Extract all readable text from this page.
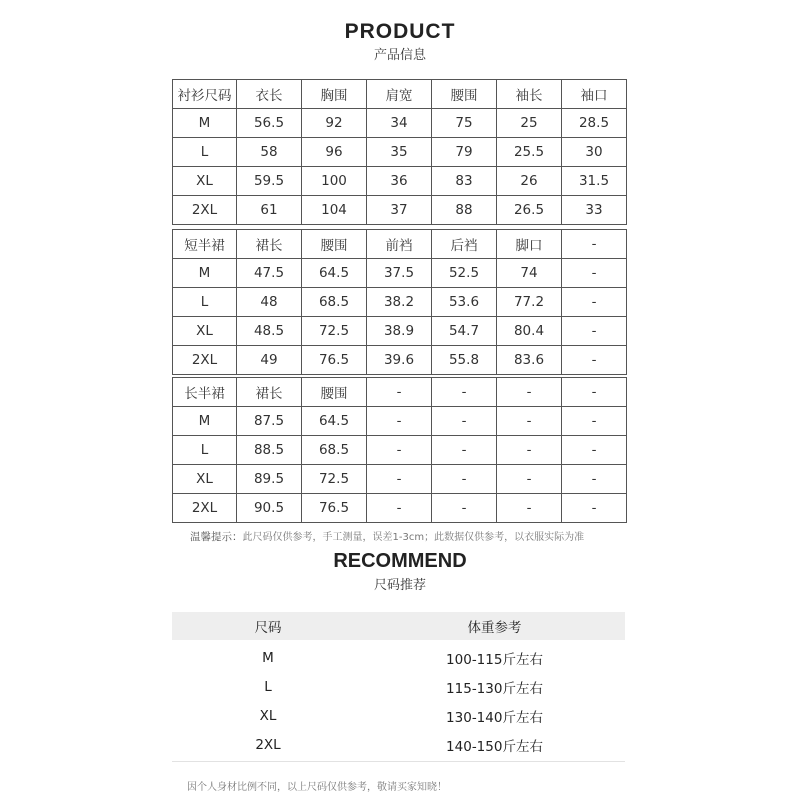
PRODUCT
产品信息
衬衫尺码	衣长	胸围	肩宽	腰围	袖长	袖口
M	56.5	92	34	75	25	28.5
L	58	96	35	79	25.5	30
XL	59.5	100	36	83	26	31.5
2XL	61	104	37	88	26.5	33
短半裙	裙长	腰围	前裆	后裆	脚口	-
M	47.5	64.5	37.5	52.5	74	-
L	48	68.5	38.2	53.6	77.2	-
XL	48.5	72.5	38.9	54.7	80.4	-
2XL	49	76.5	39.6	55.8	83.6	-
长半裙	裙长	腰围	-	-	-	-
M	87.5	64.5	-	-	-	-
L	88.5	68.5	-	-	-	-
XL	89.5	72.5	-	-	-	-
2XL	90.5	76.5	-	-	-	-
温馨提示：此尺码仅供参考，手工测量，误差1-3cm；此数据仅供参考，以衣服实际为准
RECOMMEND
尺码推荐
尺码	体重参考
M	100-115斤左右
L	115-130斤左右
XL	130-140斤左右
2XL	140-150斤左右
因个人身材比例不同，以上尺码仅供参考，敬请买家知晓！
